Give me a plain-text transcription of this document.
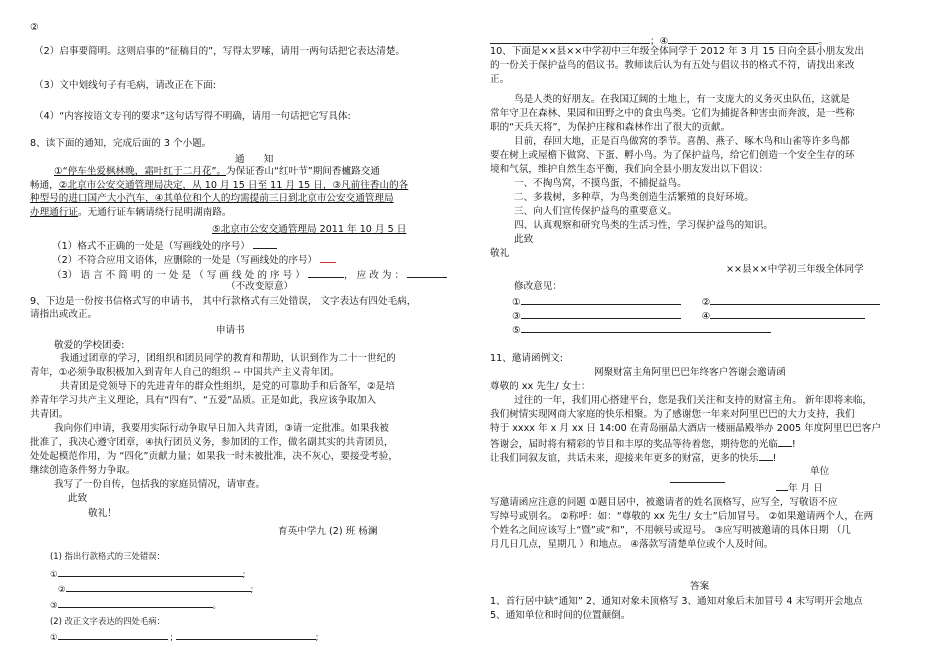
②
（2）启事要简明。这则启事的“征稿目的”，写得太罗嗦，请用一两句话把它表达清楚。
（3）文中划线句子有毛病，请改正在下面:
（4）“内容按语文专刊的要求”这句话写得不明确，请用一句话把它写具体:
8、读下面的通知，完成后面的 3 个小题。
通　　知
①“停车坐爱枫林晚，霜叶红于二月花”。为保证香山“红叶节”期间香櫨路交通
畅通，②北京市公安交通管理局决定，从 10 月 15 日至 11 月 15 日，③凡前往香山的各
种型号的进口国产大小汽车，④其单位和个人的均需提前三日到北京市公安交通管理局
办理通行证。无通行证车辆请绕行昆明湖南路。
⑤北京市公安交通管理局 2011 年 10 月 5 日
（1）格式不正确的一处是（写画线处的序号）
（2）不符合应用文语体，应删除的一处是（写画线处的序号）
（3） 语 言 不 简 明 的 一 处 是 （ 写 画 线 处 的 序 号 ）	， 应 改 为 ：
（不改变原意）
9、下边是一份按书信格式写的申请书， 其中行款格式有三处错误， 文字表达有四处毛病，
请指出或改正。
申请书
敬爱的学校团委:
我通过团章的学习，团组织和团员同学的教育和帮助，认识到作为二十一世纪的
青年，①必须争取积极加入到青年人自己的组织 -- 中国共产主义青年团。
共青团是党领导下的先进青年的群众性组织，是党的可靠助手和后备军，②是培
养青年学习共产主义理论，具有“四有”、“五爱”品质。正是如此，我应该争取加入
共青团。
我向你们申请，我要用实际行动争取早日加入共青团，③请一定批准。如果我被
批准了，我决心遵守团章，④执行团员义务，参加团的工作，做名副其实的共青团员，
处处起模范作用，为 “四化”贡献力量；如果我一时未被批准，决不灰心，要接受考验，
继续创造条件努力争取。
我写了一份自传，包括我的家庭员情况，请审查。
此致
敬礼！
育英中学九 (2) 班 杨澜
(1) 指出行款格式的三处错误：
①	;
②	;
③	。
(2) 改正文字表达的四处毛病：
①	;	;
；④	。
10、下面是××县××中学初中三年级全体同学于 2012 年 3 月 15 日向全县小朋友发出
的一份关于保护益鸟的倡议书。教师读后认为有五处与倡议书的格式不符，请找出来改
正。
鸟是人类的好朋友。在我国辽阔的土地上，有一支庞大的义务灭虫队伍，这就是
常年守卫在森林、果园和田野之中的食虫鸟类。它们为捕捉各种害虫而奔波，是一些称
职的“天兵天将”，为保护庄稼和森林作出了很大的贡献。
目前，春回大地，正是百鸟做窝的季节。喜鹊、燕子、啄木鸟和山雀等许多鸟都
要在树上或屋檐下做窝、下蛋、孵小鸟。为了保护益鸟，给它们创造一个安全生存的环
境和气氛，维护自然生态平衡，我们向全县小朋友发出以下倡议：
一、不掏鸟窝，不摸鸟蛋，不捕捉益鸟。
二、多栽树，多种草，为鸟类创造生活繁殖的良好环境。
三、向人们宣传保护益鸟的重要意义。
四、认真观察和研究鸟类的生活习性，学习保护益鸟的知识。
此致
敬礼
××县××中学初三年级全体同学
修改意见：
①	②
③	④
⑤
11、邀请函例文:
网聚财富主角阿里巴巴年终客户答谢会邀请函
尊敬的 xx 先生/ 女士：
过往的一年，我们用心搭建平台，您是我们关注和支持的财富主角。 新年即将来临，
我们树情实现网商大家庭的快乐相聚。为了感谢您一年来对阿里巴巴的大力支持，我们
特于 xxxx 年 x 月 xx 日 14:00 在青岛丽晶大酒店一楼丽晶殿举办 2005 年度阿里巴巴客户
答谢会，届时将有精彩的节目和丰厚的奖品等待着您，期待您的光临 !
让我们同叙友谊，共话未来，迎接来年更多的财富，更多的快乐 !
单位
年 月 日
写邀请函应注意的问题 ①题目居中，被邀请者的姓名顶格写，应写全，写敬语不应
写绰号或别名。 ②称呼：如：“尊敬的 xx 先生/ 女士”后加冒号。 ②如果邀请两个人，在两
个姓名之间应该写上“暨”或“和”，不用顿号或逗号。 ③应写明被邀请的具体日期 （几
月几日几点，星期几 ）和地点。 ④落款写清楚单位或个人及时间。
答案
1、首行居中缺“通知” 2、通知对象未顶格写 3、通知对象后未加冒号 4 末写明开会地点
5、通知单位和时间的位置颠倒。
